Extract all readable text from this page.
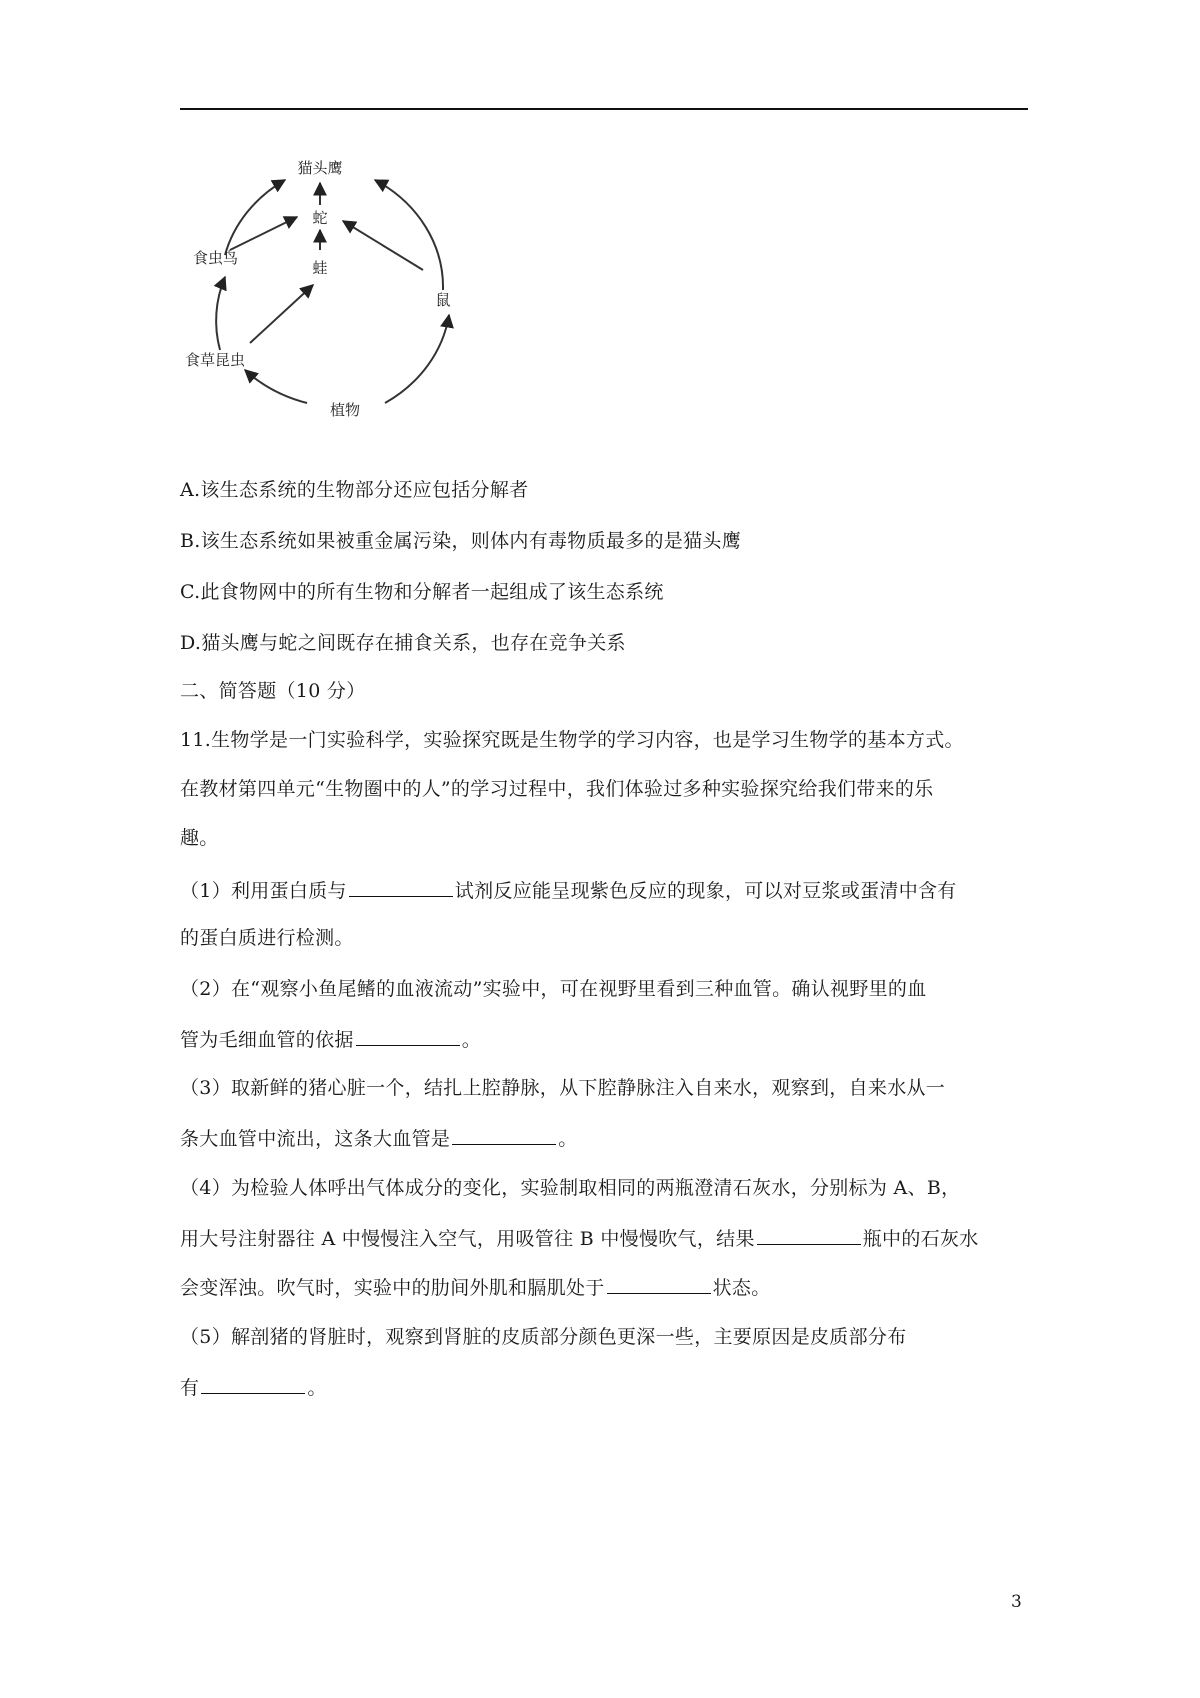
猫头鹰
蛇
食虫鸟
蛙
鼠
食草昆虫
植物
A.该生态系统的生物部分还应包括分解者
B.该生态系统如果被重金属污染，则体内有毒物质最多的是猫头鹰
C.此食物网中的所有生物和分解者一起组成了该生态系统
D.猫头鹰与蛇之间既存在捕食关系，也存在竞争关系
二、简答题（10 分）
11.生物学是一门实验科学，实验探究既是生物学的学习内容，也是学习生物学的基本方式。
在教材第四单元“生物圈中的人”的学习过程中，我们体验过多种实验探究给我们带来的乐
趣。
（1）利用蛋白质与	试剂反应能呈现紫色反应的现象，可以对豆浆或蛋清中含有
的蛋白质进行检测。
（2）在“观察小鱼尾鳍的血液流动”实验中，可在视野里看到三种血管。确认视野里的血
管为毛细血管的依据	。
（3）取新鲜的猪心脏一个，结扎上腔静脉，从下腔静脉注入自来水，观察到，自来水从一
条大血管中流出，这条大血管是	。
（4）为检验人体呼出气体成分的变化，实验制取相同的两瓶澄清石灰水，分别标为 A、B，
用大号注射器往 A 中慢慢注入空气，用吸管往 B 中慢慢吹气，结果	瓶中的石灰水
会变浑浊。吹气时，实验中的肋间外肌和膈肌处于	状态。
（5）解剖猪的肾脏时，观察到肾脏的皮质部分颜色更深一些，主要原因是皮质部分布
有	。
3
